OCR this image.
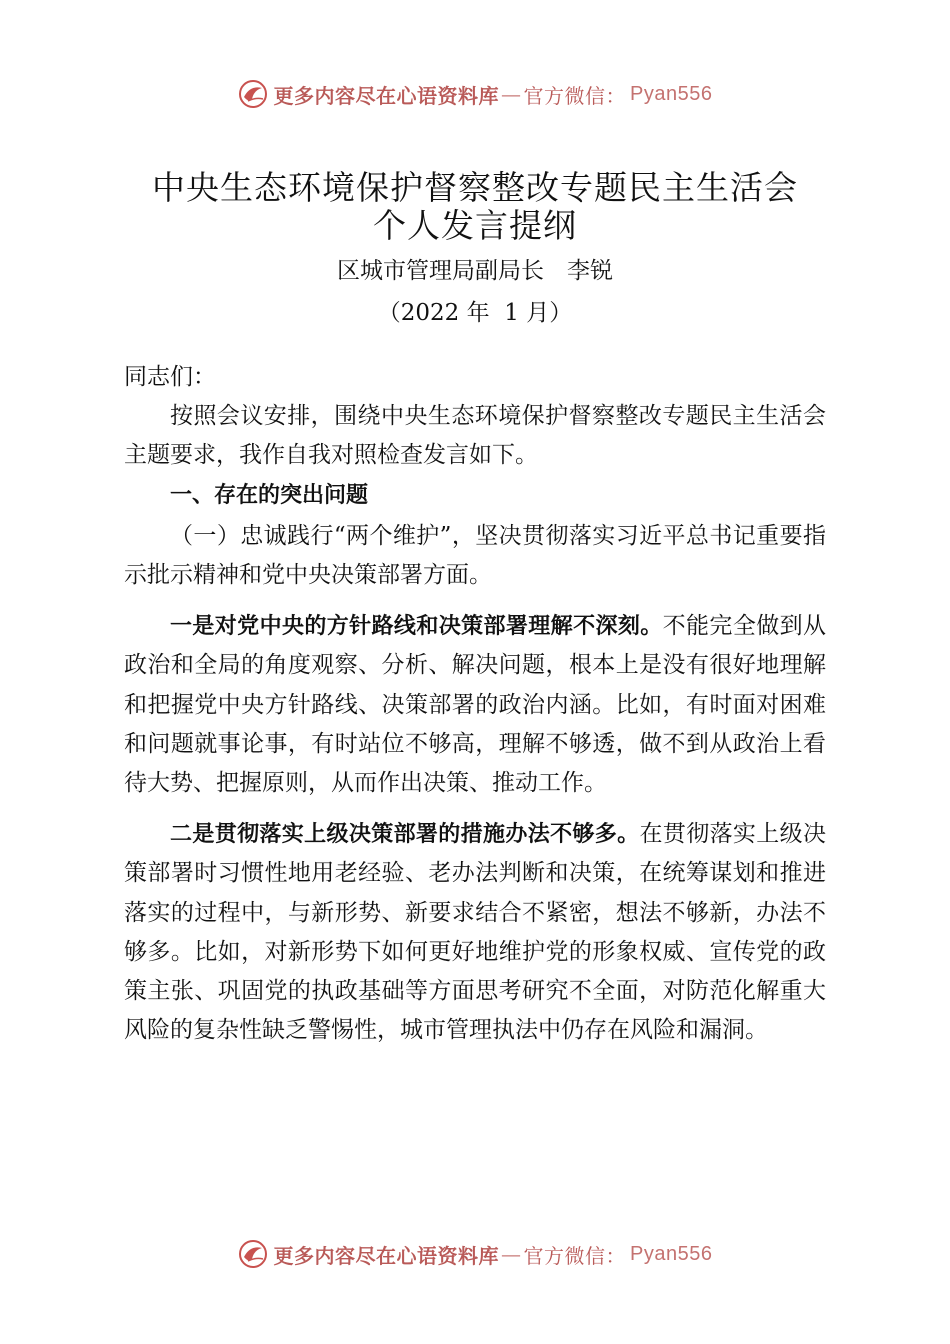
更多内容尽在心语资料库 — 官方微信： Pyan556
中央生态环境保护督察整改专题民主生活会
个人发言提纲
区城市管理局副局长　李锐
（2022 年  1 月）

同志们：

按照会议安排，围绕中央生态环境保护督察整改专题民主生活会主题要求，我作自我对照检查发言如下。

一、存在的突出问题

（一）忠诚践行“两个维护”，坚决贯彻落实习近平总书记重要指示批示精神和党中央决策部署方面。

一是对党中央的方针路线和决策部署理解不深刻。不能完全做到从政治和全局的角度观察、分析、解决问题，根本上是没有很好地理解和把握党中央方针路线、决策部署的政治内涵。比如，有时面对困难和问题就事论事，有时站位不够高，理解不够透，做不到从政治上看待大势、把握原则，从而作出决策、推动工作。

二是贯彻落实上级决策部署的措施办法不够多。在贯彻落实上级决策部署时习惯性地用老经验、老办法判断和决策，在统筹谋划和推进落实的过程中，与新形势、新要求结合不紧密，想法不够新，办法不够多。比如，对新形势下如何更好地维护党的形象权威、宣传党的政策主张、巩固党的执政基础等方面思考研究不全面，对防范化解重大风险的复杂性缺乏警惕性，城市管理执法中仍存在风险和漏洞。

更多内容尽在心语资料库 — 官方微信： Pyan556
